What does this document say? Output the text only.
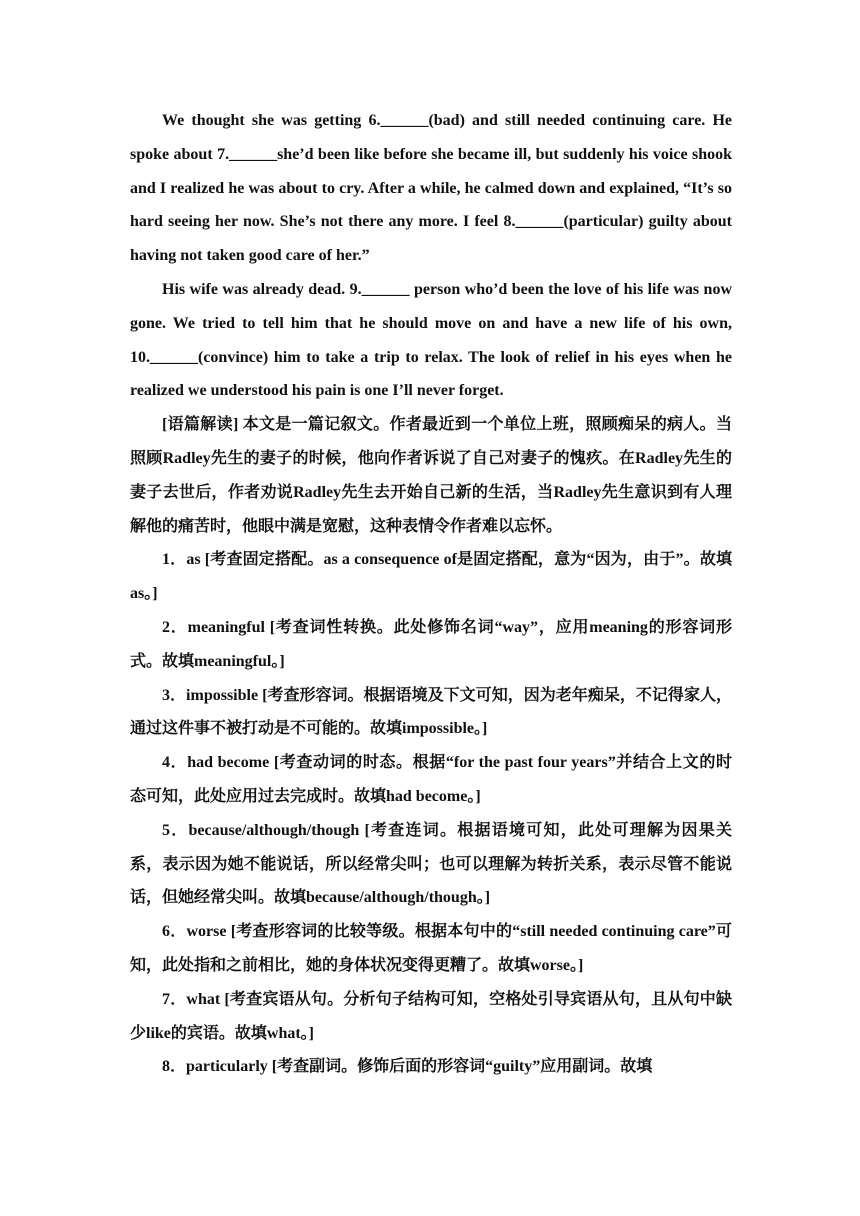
We thought she was getting 6.______(bad) and still needed continuing care. He spoke about 7.______she’d been like before she became ill, but suddenly his voice shook and I realized he was about to cry. After a while, he calmed down and explained, “It’s so hard seeing her now. She’s not there any more. I feel 8.______(particular) guilty about having not taken good care of her.”

His wife was already dead. 9.______ person who’d been the love of his life was now gone. We tried to tell him that he should move on and have a new life of his own, 10.______(convince) him to take a trip to relax. The look of relief in his eyes when he realized we understood his pain is one I’ll never forget.

[语篇解读] 本文是一篇记叙文。作者最近到一个单位上班，照顾痴呆的病人。当照顾Radley先生的妻子的时候，他向作者诉说了自己对妻子的愧疚。在Radley先生的妻子去世后，作者劝说Radley先生去开始自己新的生活，当Radley先生意识到有人理解他的痛苦时，他眼中满是宽慰，这种表情令作者难以忘怀。

1．as [考查固定搭配。as a consequence of是固定搭配，意为“因为，由于”。故填as。]

2．meaningful [考查词性转换。此处修饰名词“way”，应用meaning的形容词形式。故填meaningful。]

3．impossible [考查形容词。根据语境及下文可知，因为老年痴呆，不记得家人，通过这件事不被打动是不可能的。故填impossible。]

4．had become [考查动词的时态。根据“for the past four years”并结合上文的时态可知，此处应用过去完成时。故填had become。]

5．because/although/though [考查连词。根据语境可知，此处可理解为因果关系，表示因为她不能说话，所以经常尖叫；也可以理解为转折关系，表示尽管不能说话，但她经常尖叫。故填because/although/though。]

6．worse [考查形容词的比较等级。根据本句中的“still needed continuing care”可知，此处指和之前相比，她的身体状况变得更糟了。故填worse。]

7．what [考查宾语从句。分析句子结构可知，空格处引导宾语从句，且从句中缺少like的宾语。故填what。]

8．particularly [考查副词。修饰后面的形容词“guilty”应用副词。故填
